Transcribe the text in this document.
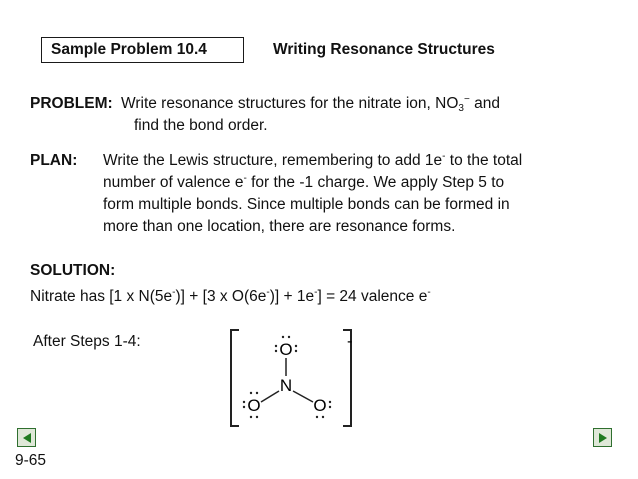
Sample Problem 10.4	Writing Resonance Structures
PROBLEM: Write resonance structures for the nitrate ion, $NO_3^-$ and
find the bond order.
PLAN: Write the Lewis structure, remembering to add 1e- to the total
number of valence e- for the -1 charge. We apply Step 5 to
form multiple bonds. Since multiple bonds can be formed in
more than one location, there are resonance forms.
SOLUTION:
Nitrate has [1 x N(5e-)] + [3 x O(6e-)] + 1e-] = 24 valence e-
After Steps 1-4:	-
O
N
O	O
9-65
